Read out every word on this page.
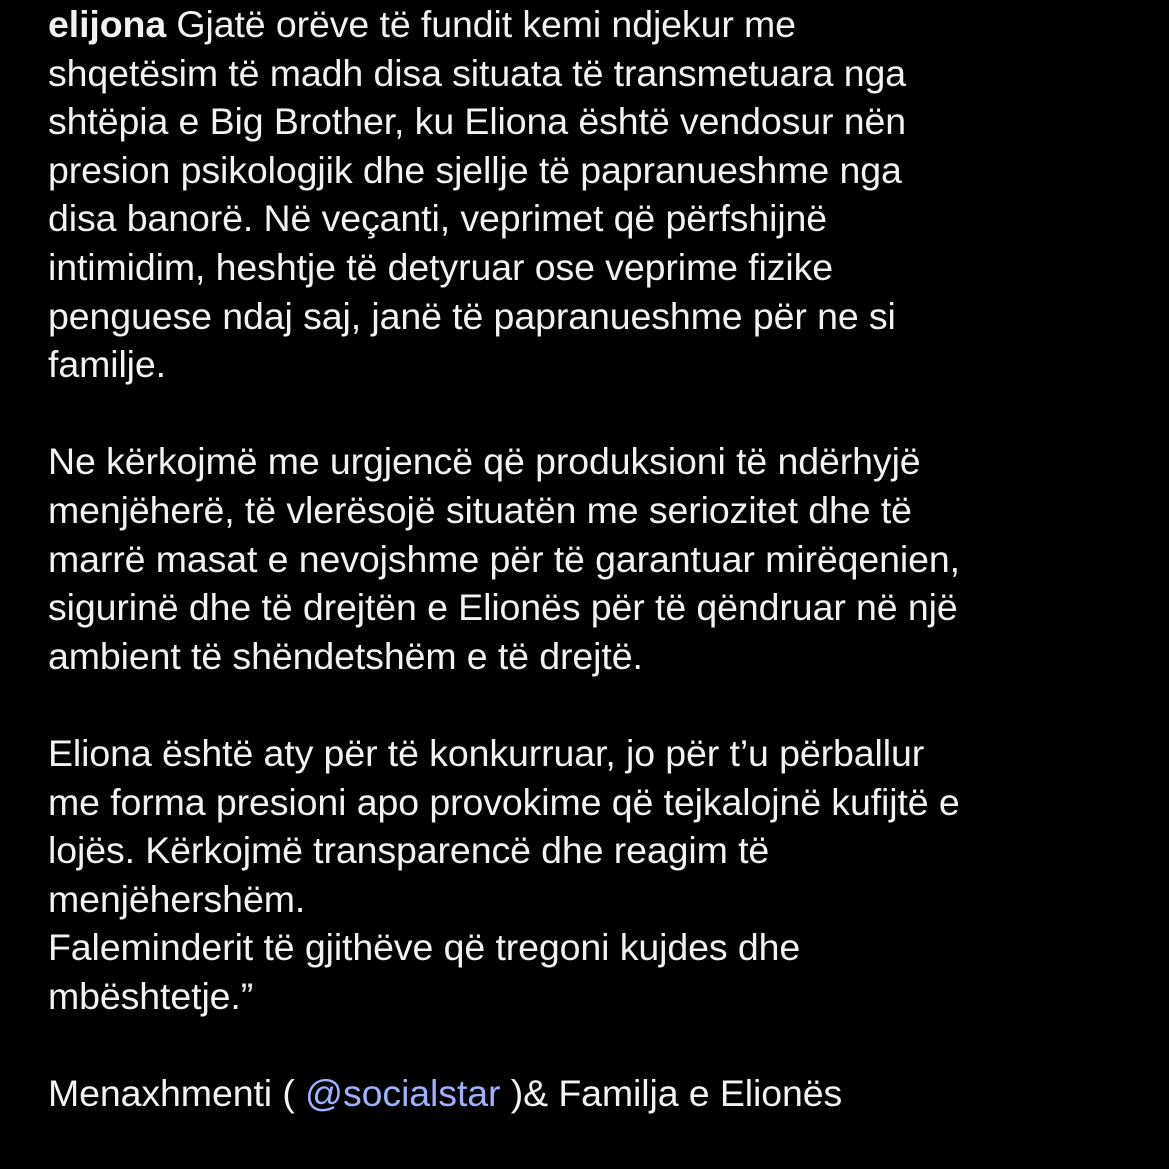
elijona Gjatë orëve të fundit kemi ndjekur me
shqetësim të madh disa situata të transmetuara nga
shtëpia e Big Brother, ku Eliona është vendosur nën
presion psikologjik dhe sjellje të papranueshme nga
disa banorë. Në veçanti, veprimet që përfshijnë
intimidim, heshtje të detyruar ose veprime fizike
penguese ndaj saj, janë të papranueshme për ne si
familje.
Ne kërkojmë me urgjencë që produksioni të ndërhyjë
menjëherë, të vlerësojë situatën me seriozitet dhe të
marrë masat e nevojshme për të garantuar mirëqenien,
sigurinë dhe të drejtën e Elionës për të qëndruar në një
ambient të shëndetshëm e të drejtë.
Eliona është aty për të konkurruar, jo për t’u përballur
me forma presioni apo provokime që tejkalojnë kufijtë e
lojës. Kërkojmë transparencë dhe reagim të
menjëhershëm.
Faleminderit të gjithëve që tregoni kujdes dhe
mbështetje.”
Menaxhmenti ( @socialstar )& Familja e Elionës
